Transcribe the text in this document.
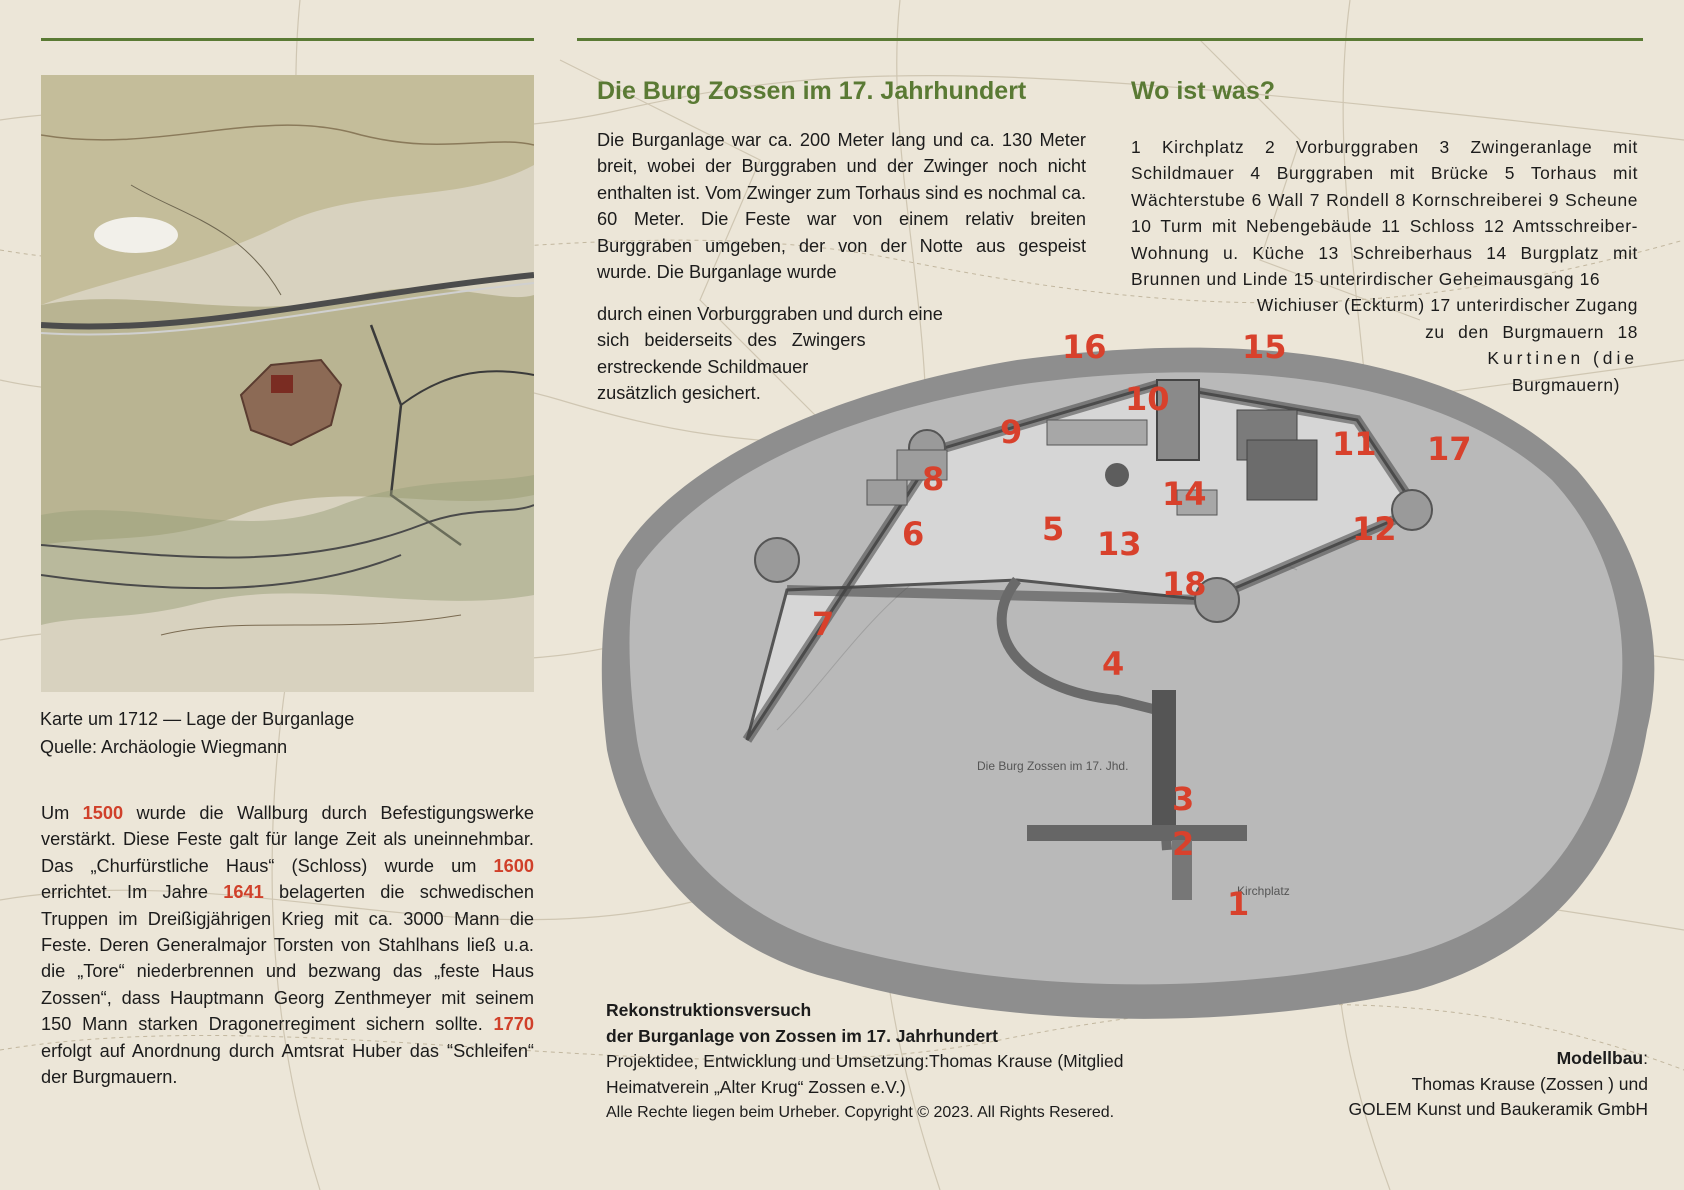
Karte um 1712 — Lage der Burganlage
Quelle: Archäologie Wiegmann
Um 1500 wurde die Wallburg durch Befestigungswerke verstärkt. Diese Feste galt für lange Zeit als uneinnehmbar. Das „Churfürstliche Haus“ (Schloss) wurde um 1600 errichtet. Im Jahre 1641 belagerten die schwedischen Truppen im Dreißigjährigen Krieg mit ca. 3000 Mann die Feste. Deren Generalmajor Torsten von Stahlhans ließ u.a. die „Tore“ niederbrennen und bezwang das „feste Haus Zossen“, dass Hauptmann Georg Zenthmeyer mit seinem 150 Mann starken Dragonerregiment sichern sollte. 1770 erfolgt auf Anordnung durch Amtsrat Huber das “Schleifen“ der Burgmauern.
Die Burg Zossen im 17. Jhd.
Kirchplatz
1
2
3
4
5
6
7
8
9
10
11
12
13
14
15
16
17
18
Die Burg Zossen im 17. Jahrhundert
Die Burganlage war ca. 200 Meter lang und ca. 130 Meter breit, wobei der Burggraben und der Zwinger noch nicht enthalten ist. Vom Zwinger zum Torhaus sind es nochmal ca. 60 Meter. Die Feste war von einem relativ breiten Burggraben umgeben, der von der Notte aus gespeist wurde. Die Burganlage wurde
durch einen Vorburggraben und durch eine
sich beiderseits des Zwingers
erstreckende Schildmauer
zusätzlich gesichert.
Wo ist was?
1 Kirchplatz 2 Vorburggraben 3 Zwingeranlage mit Schildmauer 4 Burggraben mit Brücke 5 Torhaus mit Wächterstube 6 Wall 7 Rondell 8 Kornschreiberei 9 Scheune 10 Turm mit Nebengebäude 11 Schloss 12 Amtsschreiber-Wohnung u. Küche 13 Schreiberhaus 14 Burgplatz mit Brunnen und Linde 15 unterirdischer Geheimausgang 16
Wichiuser (Eckturm) 17 unterirdischer Zugang
zu den Burgmauern 18
Kurtinen (die
Burgmauern)
Rekonstruktionsversuch
der Burganlage von Zossen im 17. Jahrhundert
Projektidee, Entwicklung und Umsetzung:Thomas Krause (Mitglied
Heimatverein „Alter Krug“ Zossen e.V.)
Alle Rechte liegen beim Urheber. Copyright © 2023. All Rights Resered.
Modellbau:
Thomas Krause (Zossen ) und
GOLEM Kunst und Baukeramik GmbH
